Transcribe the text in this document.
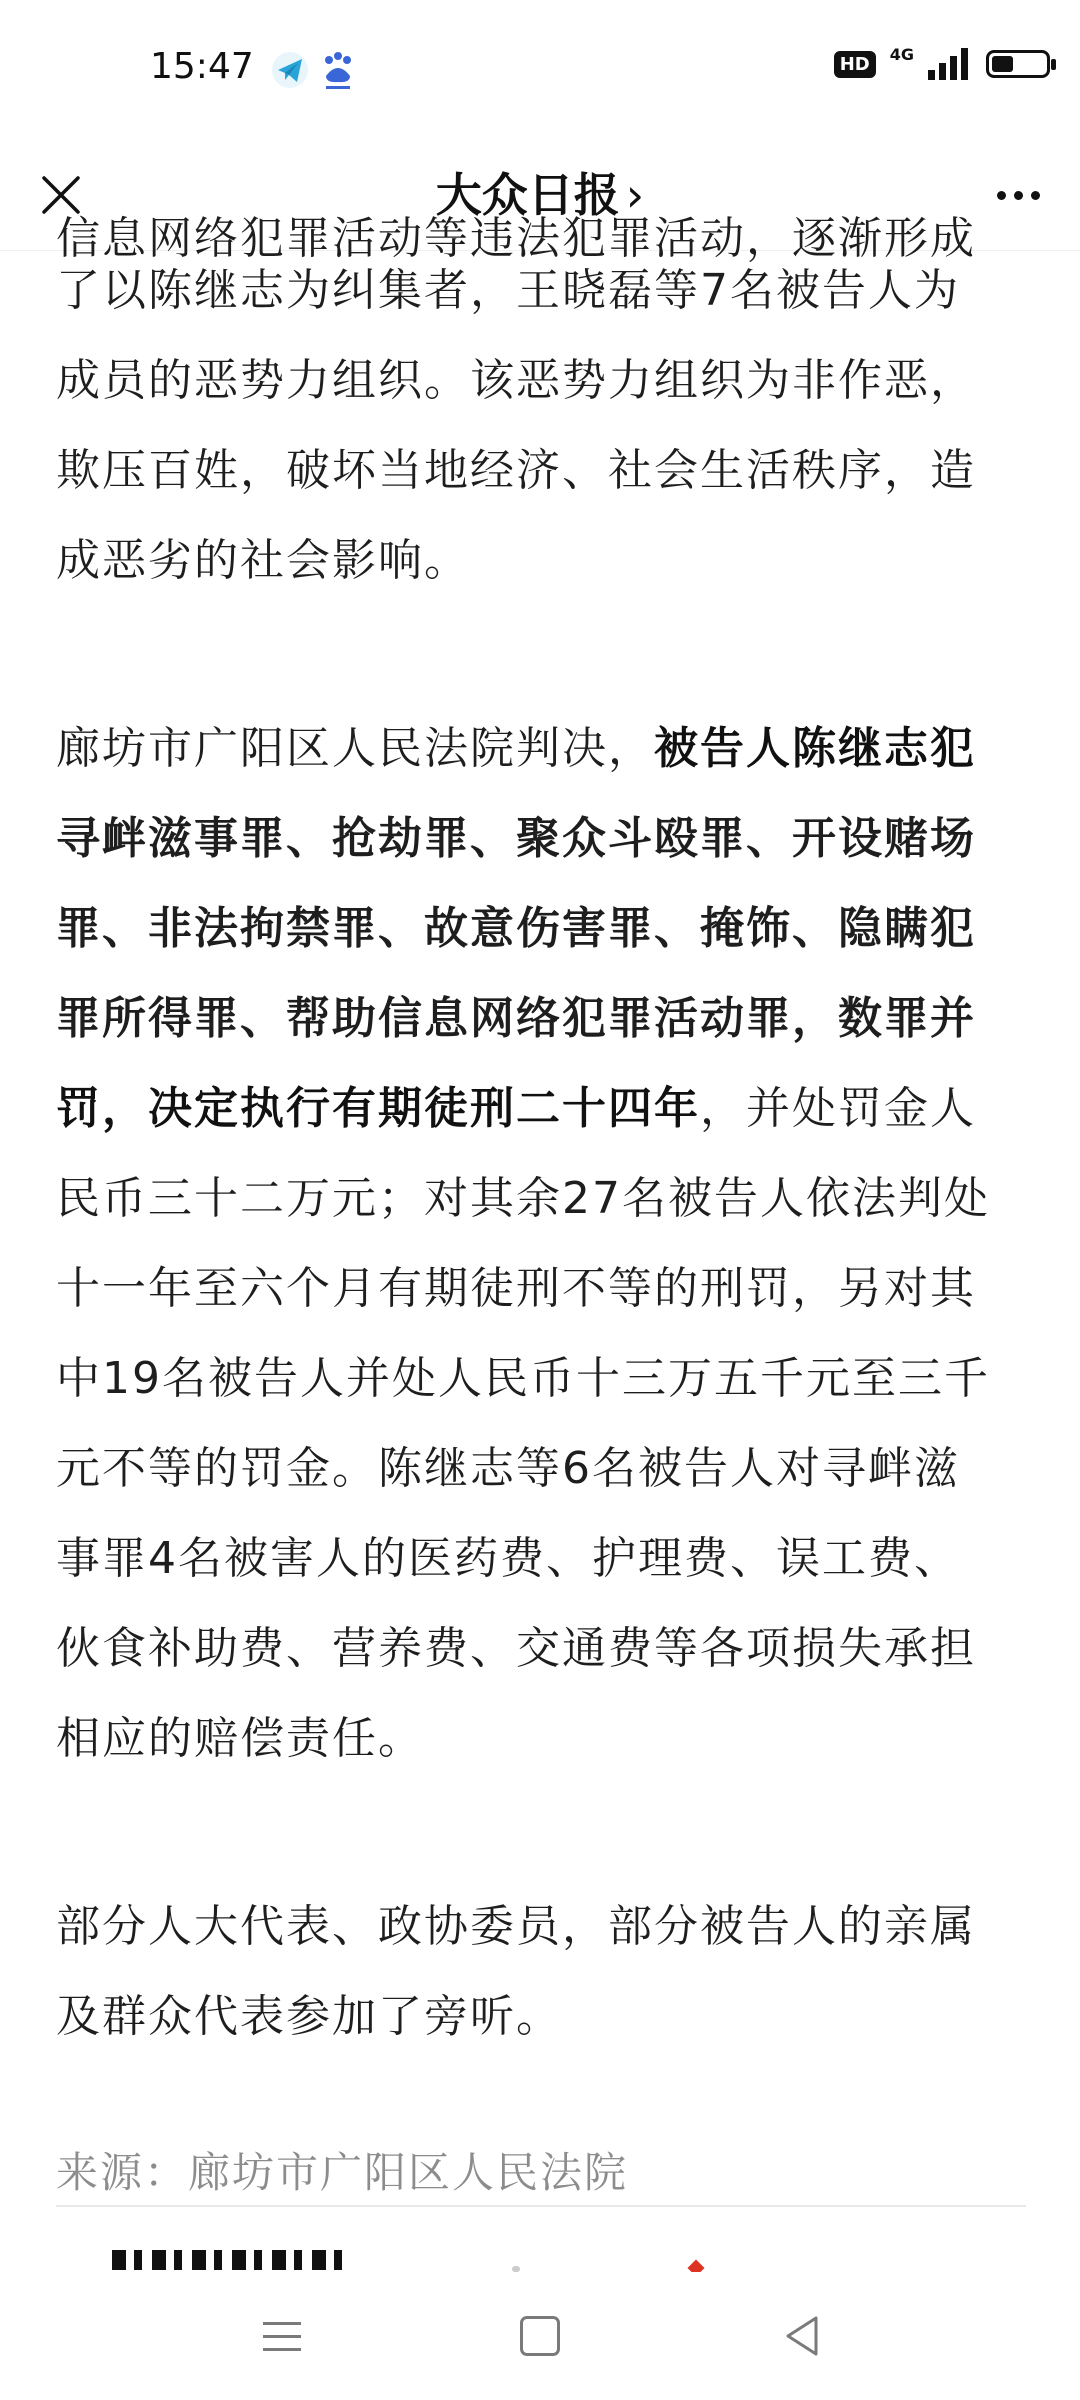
15:47	HD	4G
大众日报 ›

信息网络犯罪活动等违法犯罪活动，逐渐形成

了以陈继志为纠集者，王晓磊等7名被告人为

成员的恶势力组织。该恶势力组织为非作恶，

欺压百姓，破坏当地经济、社会生活秩序，造

成恶劣的社会影响。

廊坊市广阳区人民法院判决，被告人陈继志犯

寻衅滋事罪、抢劫罪、聚众斗殴罪、开设赌场

罪、非法拘禁罪、故意伤害罪、掩饰、隐瞒犯

罪所得罪、帮助信息网络犯罪活动罪，数罪并

罚，决定执行有期徒刑二十四年，并处罚金人

民币三十二万元；对其余27名被告人依法判处

十一年至六个月有期徒刑不等的刑罚，另对其

中19名被告人并处人民币十三万五千元至三千

元不等的罚金。陈继志等6名被告人对寻衅滋

事罪4名被害人的医药费、护理费、误工费、

伙食补助费、营养费、交通费等各项损失承担

相应的赔偿责任。

部分人大代表、政协委员，部分被告人的亲属

及群众代表参加了旁听。

来源：廊坊市广阳区人民法院
